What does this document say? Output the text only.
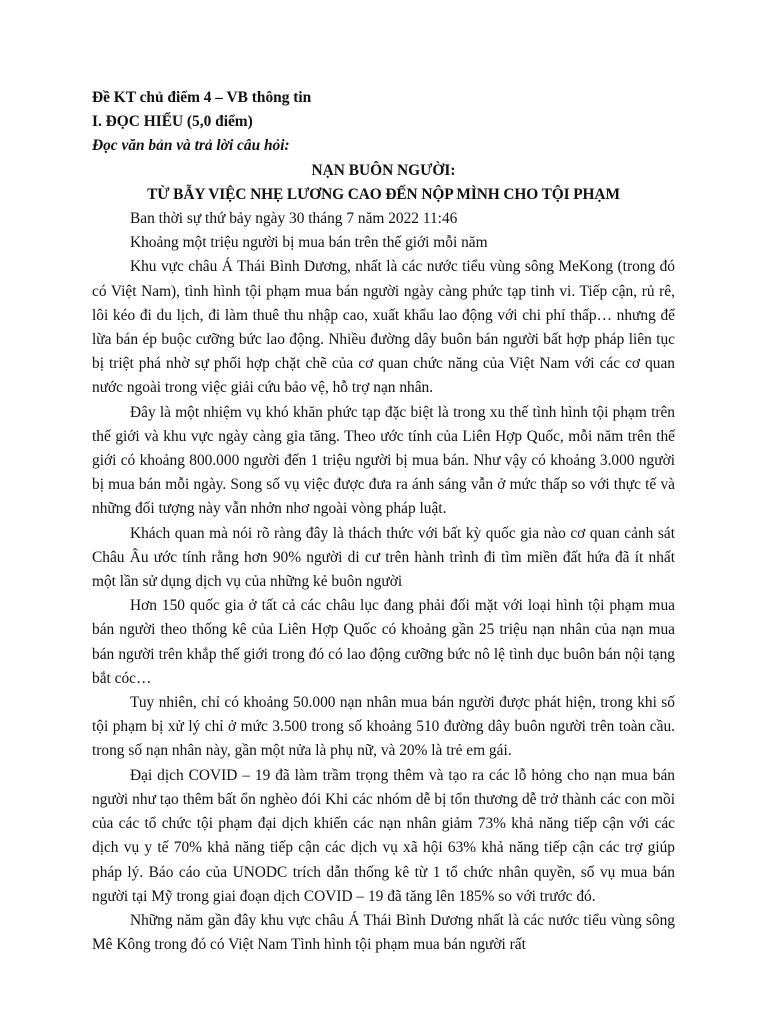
Đề KT chủ điểm 4 – VB thông tin

I. ĐỌC HIỂU (5,0 điểm)

Đọc văn bản và trả lời câu hỏi:

NẠN BUÔN NGƯỜI:

TỪ BẪY VIỆC NHẸ LƯƠNG CAO ĐẾN NỘP MÌNH CHO TỘI PHẠM

Ban thời sự thứ bảy ngày 30 tháng 7 năm 2022 11:46

Khoảng một triệu người bị mua bán trên thế giới mỗi năm

Khu vực châu Á Thái Bình Dương, nhất là các nước tiểu vùng sông MeKong (trong đó có Việt Nam), tình hình tội phạm mua bán người ngày càng phức tạp tinh vi. Tiếp cận, rủ rê, lôi kéo đi du lịch, đi làm thuê thu nhập cao, xuất khẩu lao động với chi phí thấp… nhưng để lừa bán ép buộc cưỡng bức lao động. Nhiều đường dây buôn bán người bất hợp pháp liên tục bị triệt phá nhờ sự phối hợp chặt chẽ của cơ quan chức năng của Việt Nam với các cơ quan nước ngoài trong việc giải cứu bảo vệ, hỗ trợ nạn nhân.

Đây là một nhiệm vụ khó khăn phức tạp đặc biệt là trong xu thế tình hình tội phạm trên thế giới và khu vực ngày càng gia tăng. Theo ước tính của Liên Hợp Quốc, mỗi năm trên thế giới có khoảng 800.000 người đến 1 triệu người bị mua bán. Như vậy có khoảng 3.000 người bị mua bán mỗi ngày. Song số vụ việc được đưa ra ánh sáng vẫn ở mức thấp so với thực tế và những đối tượng này vẫn nhởn nhơ ngoài vòng pháp luật.

Khách quan mà nói rõ ràng đây là thách thức với bất kỳ quốc gia nào cơ quan cảnh sát Châu Âu ước tính rằng hơn 90% người di cư trên hành trình đi tìm miền đất hứa đã ít nhất một lần sử dụng dịch vụ của những kẻ buôn người

Hơn 150 quốc gia ở tất cả các châu lục đang phải đối mặt với loại hình tội phạm mua bán người theo thống kê của Liên Hợp Quốc có khoảng gần 25 triệu nạn nhân của nạn mua bán người trên khắp thế giới trong đó có lao động cưỡng bức nô lệ tình dục buôn bán nội tạng bắt cóc…

Tuy nhiên, chỉ có khoảng 50.000 nạn nhân mua bán người được phát hiện, trong khi số tội phạm bị xử lý chỉ ở mức 3.500 trong số khoảng 510 đường dây buôn người trên toàn cầu. trong số nạn nhân này, gần một nửa là phụ nữ, và 20% là trẻ em gái.

Đại dịch COVID – 19 đã làm trầm trọng thêm và tạo ra các lỗ hỏng cho nạn mua bán người như tạo thêm bất ổn nghèo đói Khi các nhóm dễ bị tổn thương dễ trở thành các con mồi của các tổ chức tội phạm đại dịch khiến các nạn nhân giảm 73% khả năng tiếp cận với các dịch vụ y tế 70% khả năng tiếp cận các dịch vụ xã hội 63% khả năng tiếp cận các trợ giúp pháp lý. Báo cáo của UNODC trích dẫn thống kê từ 1 tổ chức nhân quyền, số vụ mua bán người tại Mỹ trong giai đoạn dịch COVID – 19 đã tăng lên 185% so với trước đó.

Những năm gần đây khu vực châu Á Thái Bình Dương nhất là các nước tiểu vùng sông Mê Kông trong đó có Việt Nam Tình hình tội phạm mua bán người rất
